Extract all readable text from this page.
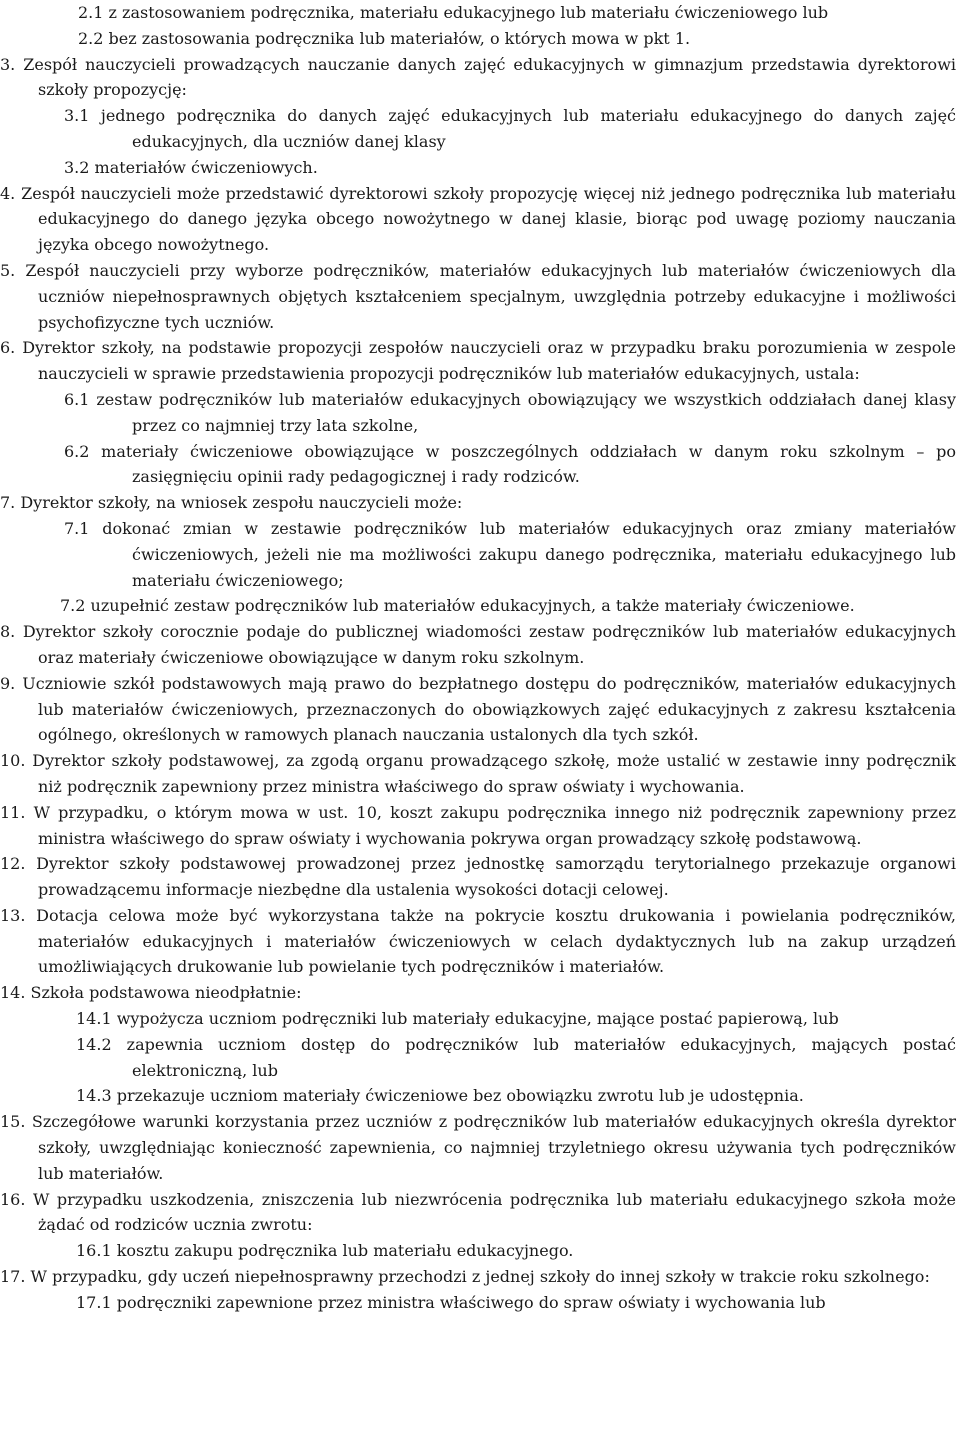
2.1 z zastosowaniem podręcznika, materiału edukacyjnego lub materiału ćwiczeniowego lub

2.2 bez zastosowania podręcznika lub materiałów, o których mowa w pkt 1.

3. Zespół nauczycieli prowadzących nauczanie danych zajęć edukacyjnych w gimnazjum przedstawia dyrektorowi szkoły propozycję:

3.1 jednego podręcznika do danych zajęć edukacyjnych lub materiału edukacyjnego do danych zajęć edukacyjnych, dla uczniów danej klasy

3.2 materiałów ćwiczeniowych.

4. Zespół nauczycieli może przedstawić dyrektorowi szkoły propozycję więcej niż jednego podręcznika lub materiału edukacyjnego do danego języka obcego nowożytnego w danej klasie, biorąc pod uwagę poziomy nauczania języka obcego nowożytnego.

5. Zespół nauczycieli przy wyborze podręczników, materiałów edukacyjnych lub materiałów ćwiczeniowych dla uczniów niepełnosprawnych objętych kształceniem specjalnym, uwzględnia potrzeby edukacyjne i możliwości psychofizyczne tych uczniów.

6. Dyrektor szkoły, na podstawie propozycji zespołów nauczycieli oraz w przypadku braku porozumienia w zespole nauczycieli w sprawie przedstawienia propozycji podręczników lub materiałów edukacyjnych, ustala:

6.1 zestaw podręczników lub materiałów edukacyjnych obowiązujący we wszystkich oddziałach danej klasy przez co najmniej trzy lata szkolne,

6.2 materiały ćwiczeniowe obowiązujące w poszczególnych oddziałach w danym roku szkolnym – po zasięgnięciu opinii rady pedagogicznej i rady rodziców.

7. Dyrektor szkoły, na wniosek zespołu nauczycieli może:

7.1 dokonać zmian w zestawie podręczników lub materiałów edukacyjnych oraz zmiany materiałów ćwiczeniowych, jeżeli nie ma możliwości zakupu danego podręcznika, materiału edukacyjnego lub materiału ćwiczeniowego;

7.2 uzupełnić zestaw podręczników lub materiałów edukacyjnych, a także materiały ćwiczeniowe.

8. Dyrektor szkoły corocznie podaje do publicznej wiadomości zestaw podręczników lub materiałów edukacyjnych oraz materiały ćwiczeniowe obowiązujące w danym roku szkolnym.

9. Uczniowie szkół podstawowych mają prawo do bezpłatnego dostępu do podręczników, materiałów edukacyjnych lub materiałów ćwiczeniowych, przeznaczonych do obowiązkowych zajęć edukacyjnych z zakresu kształcenia ogólnego, określonych w ramowych planach nauczania ustalonych dla tych szkół.

10. Dyrektor szkoły podstawowej, za zgodą organu prowadzącego szkołę, może ustalić w zestawie inny podręcznik niż podręcznik zapewniony przez ministra właściwego do spraw oświaty i wychowania.

11. W przypadku, o którym mowa w ust. 10, koszt zakupu podręcznika innego niż podręcznik zapewniony przez ministra właściwego do spraw oświaty i wychowania pokrywa organ prowadzący szkołę podstawową.

12. Dyrektor szkoły podstawowej prowadzonej przez jednostkę samorządu terytorialnego przekazuje organowi prowadzącemu informacje niezbędne dla ustalenia wysokości dotacji celowej.

13. Dotacja celowa może być wykorzystana także na pokrycie kosztu drukowania i powielania podręczników, materiałów edukacyjnych i materiałów ćwiczeniowych w celach dydaktycznych lub na zakup urządzeń umożliwiających drukowanie lub powielanie tych podręczników i materiałów.

14. Szkoła podstawowa nieodpłatnie:

14.1 wypożycza uczniom podręczniki lub materiały edukacyjne, mające postać papierową, lub

14.2 zapewnia uczniom dostęp do podręczników lub materiałów edukacyjnych, mających postać elektroniczną, lub

14.3 przekazuje uczniom materiały ćwiczeniowe bez obowiązku zwrotu lub je udostępnia.

15. Szczegółowe warunki korzystania przez uczniów z podręczników lub materiałów edukacyjnych określa dyrektor szkoły, uwzględniając konieczność zapewnienia, co najmniej trzyletniego okresu używania tych podręczników lub materiałów.

16. W przypadku uszkodzenia, zniszczenia lub niezwrócenia podręcznika lub materiału edukacyjnego szkoła może żądać od rodziców ucznia zwrotu:

16.1 kosztu zakupu podręcznika lub materiału edukacyjnego.

17. W przypadku, gdy uczeń niepełnosprawny przechodzi z jednej szkoły do innej szkoły w trakcie roku szkolnego:

17.1 podręczniki zapewnione przez ministra właściwego do spraw oświaty i wychowania lub
